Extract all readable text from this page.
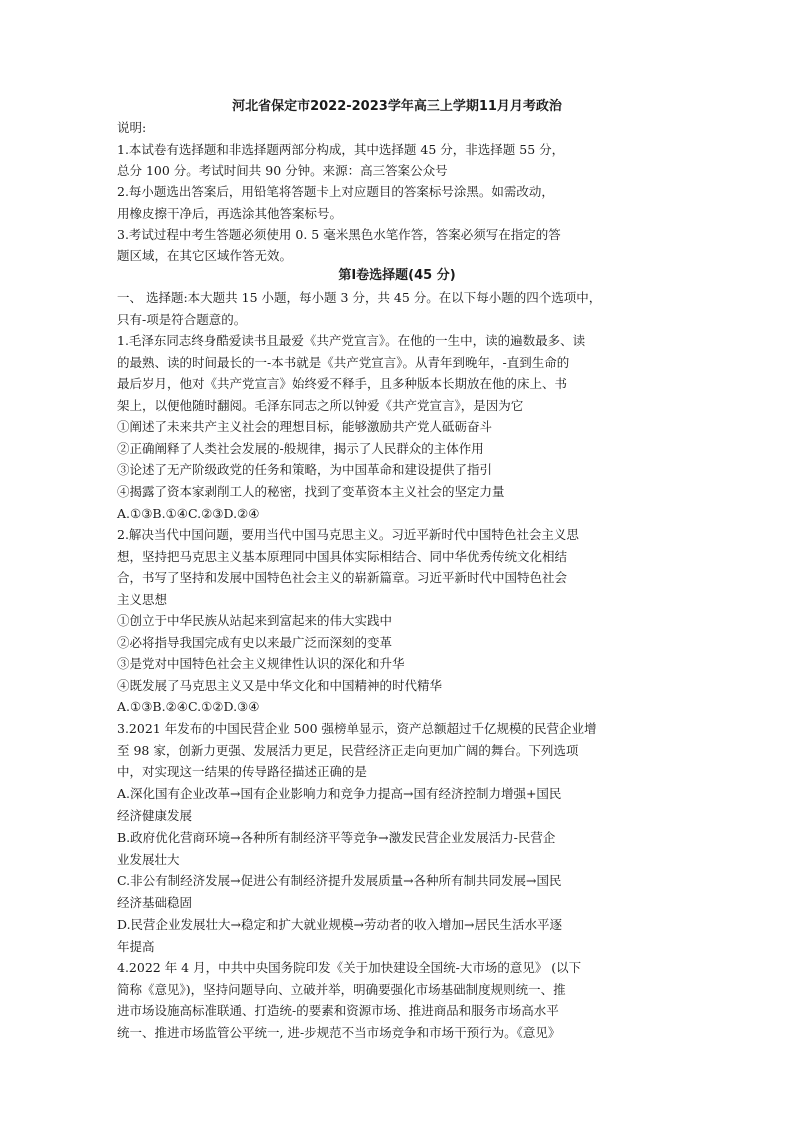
河北省保定市2022-2023学年高三上学期11月月考政治
说明:
1.本试卷有选择题和非选择题两部分构成，其中选择题 45 分，非选择题 55 分，
总分 100 分。考试时间共 90 分钟。来源：高三答案公众号
2.每小题选出答案后，用铅笔将答题卡上对应题目的答案标号涂黑。如需改动，
用橡皮擦干净后，再选涂其他答案标号。
3.考试过程中考生答题必须使用 0. 5 毫米黑色水笔作答，答案必须写在指定的答
题区域，在其它区域作答无效。
第Ⅰ卷选择题(45 分)
一、 选择题:本大题共 15 小题，每小题 3 分，共 45 分。在以下每小题的四个选项中，
只有-项是符合题意的。
1.毛泽东同志终身酷爱读书且最爱《共产党宣言》。在他的一生中，读的遍数最多、读
的最熟、读的时间最长的一-本书就是《共产党宣言》。从青年到晚年，-直到生命的
最后岁月，他对《共产党宣言》始终爱不释手，且多种版本长期放在他的床上、书
架上，以便他随时翻阅。毛泽东同志之所以钟爱《共产党宣言》，是因为它
①阐述了未来共产主义社会的理想目标，能够激励共产党人砥砺奋斗
②正确阐释了人类社会发展的-般规律，揭示了人民群众的主体作用
③论述了无产阶级政党的任务和策略，为中国革命和建设提供了指引
④揭露了资本家剥削工人的秘密，找到了变革资本主义社会的坚定力量
A.①③B.①④C.②③D.②④
2.解决当代中国问题，要用当代中国马克思主义。习近平新时代中国特色社会主义思
想，坚持把马克思主义基本原理同中国具体实际相结合、同中华优秀传统文化相结
合，书写了坚持和发展中国特色社会主义的崭新篇章。习近平新时代中国特色社会
主义思想
①创立于中华民族从站起来到富起来的伟大实践中
②必将指导我国完成有史以来最广泛而深刻的变革
③是党对中国特色社会主义规律性认识的深化和升华
④既发展了马克思主义又是中华文化和中国精神的时代精华
A.①③B.②④C.①②D.③④
3.2021 年发布的中国民营企业 500 强榜单显示，资产总额超过千亿规模的民营企业增
至 98 家，创新力更强、发展活力更足，民营经济正走向更加广阔的舞台。下列选项
中，对实现这一结果的传导路径描述正确的是
A.深化国有企业改革→国有企业影响力和竞争力提高→国有经济控制力增强+国民
经济健康发展
B.政府优化营商环境→各种所有制经济平等竞争→激发民营企业发展活力-民营企
业发展壮大
C.非公有制经济发展→促进公有制经济提升发展质量→各种所有制共同发展→国民
经济基础稳固
D.民营企业发展壮大→稳定和扩大就业规模→劳动者的收入增加→居民生活水平逐
年提高
4.2022 年 4 月，中共中央国务院印发《关于加快建设全国统-大市场的意见》 (以下
简称《意见》)，坚持问题导向、立破并举，明确要强化市场基础制度规则统一、推
进市场设施高标准联通、打造统-的要素和资源市场、推进商品和服务市场高水平
统一、推进市场监管公平统一, 进-步规范不当市场竞争和市场干预行为。《意见》
